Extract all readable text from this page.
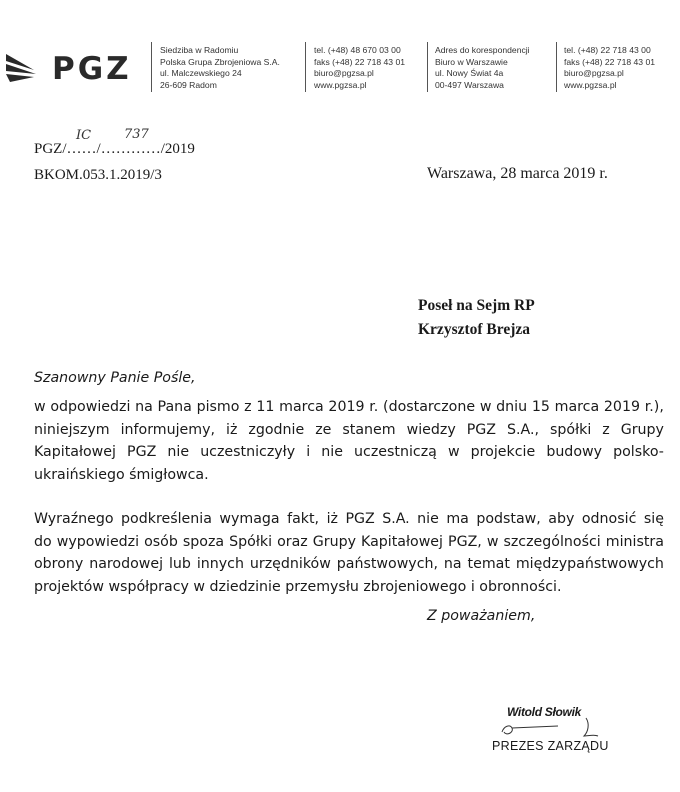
PGZ
Siedziba w Radomiu
Polska Grupa Zbrojeniowa S.A.
ul. Malczewskiego 24
26-609 Radom
tel. (+48) 48 670 03 00
faks (+48) 22 718 43 01
biuro@pgzsa.pl
www.pgzsa.pl
Adres do korespondencji
Biuro w Warszawie
ul. Nowy Świat 4a
00-497 Warszawa
tel. (+48) 22 718 43 00
faks (+48) 22 718 43 01
biuro@pgzsa.pl
www.pgzsa.pl
PGZ/……/…………/2019
IC	737
BKOM.053.1.2019/3	Warszawa, 28 marca 2019 r.
Poseł na Sejm RP
Krzysztof Brejza
Szanowny Panie Pośle,
w odpowiedzi na Pana pismo z 11 marca 2019 r. (dostarczone w dniu 15 marca 2019 r.),
niniejszym informujemy, iż zgodnie ze stanem wiedzy PGZ S.A., spółki z Grupy
Kapitałowej PGZ nie uczestniczyły i nie uczestniczą w projekcie budowy polsko-
ukraińskiego śmigłowca.
Wyraźnego podkreślenia wymaga fakt, iż PGZ S.A. nie ma podstaw, aby odnosić się
do wypowiedzi osób spoza Spółki oraz Grupy Kapitałowej PGZ, w szczególności ministra
obrony narodowej lub innych urzędników państwowych, na temat międzypaństwowych
projektów współpracy w dziedzinie przemysłu zbrojeniowego i obronności.
Z poważaniem,
Witold Słowik
PREZES ZARZĄDU
